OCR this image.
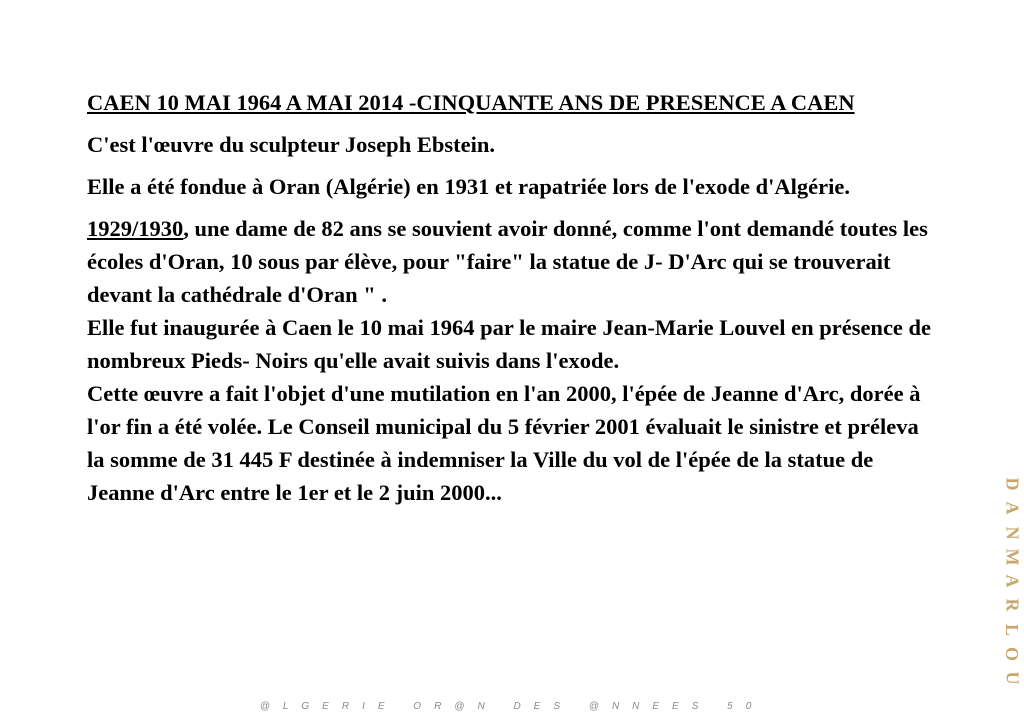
CAEN 10 MAI 1964 A MAI 2014 -CINQUANTE ANS DE PRESENCE A CAEN
C'est l'œuvre du sculpteur Joseph Ebstein.
Elle a été fondue à Oran (Algérie) en 1931 et rapatriée lors de l'exode d'Algérie.
1929/1930, une dame de 82 ans se souvient avoir donné, comme l'ont demandé toutes les écoles d'Oran, 10 sous par élève, pour "faire" la statue de J- D'Arc qui se trouverait devant la cathédrale d'Oran " .
Elle fut inaugurée à Caen le 10 mai 1964 par le maire Jean-Marie Louvel en présence de nombreux Pieds- Noirs qu'elle avait suivis dans l'exode.
Cette œuvre a fait l'objet d'une mutilation en l'an 2000, l'épée de Jeanne d'Arc, dorée à l'or fin a été volée. Le Conseil municipal du 5 février 2001 évaluait le sinistre et préleva la somme de 31 445 F destinée à indemniser la Ville du vol de l'épée de la statue de Jeanne d'Arc entre le 1er et le 2 juin 2000...	D
A
N
M
A
R
L
O
U
@LGERIE OR@N DES @NNEES 50
